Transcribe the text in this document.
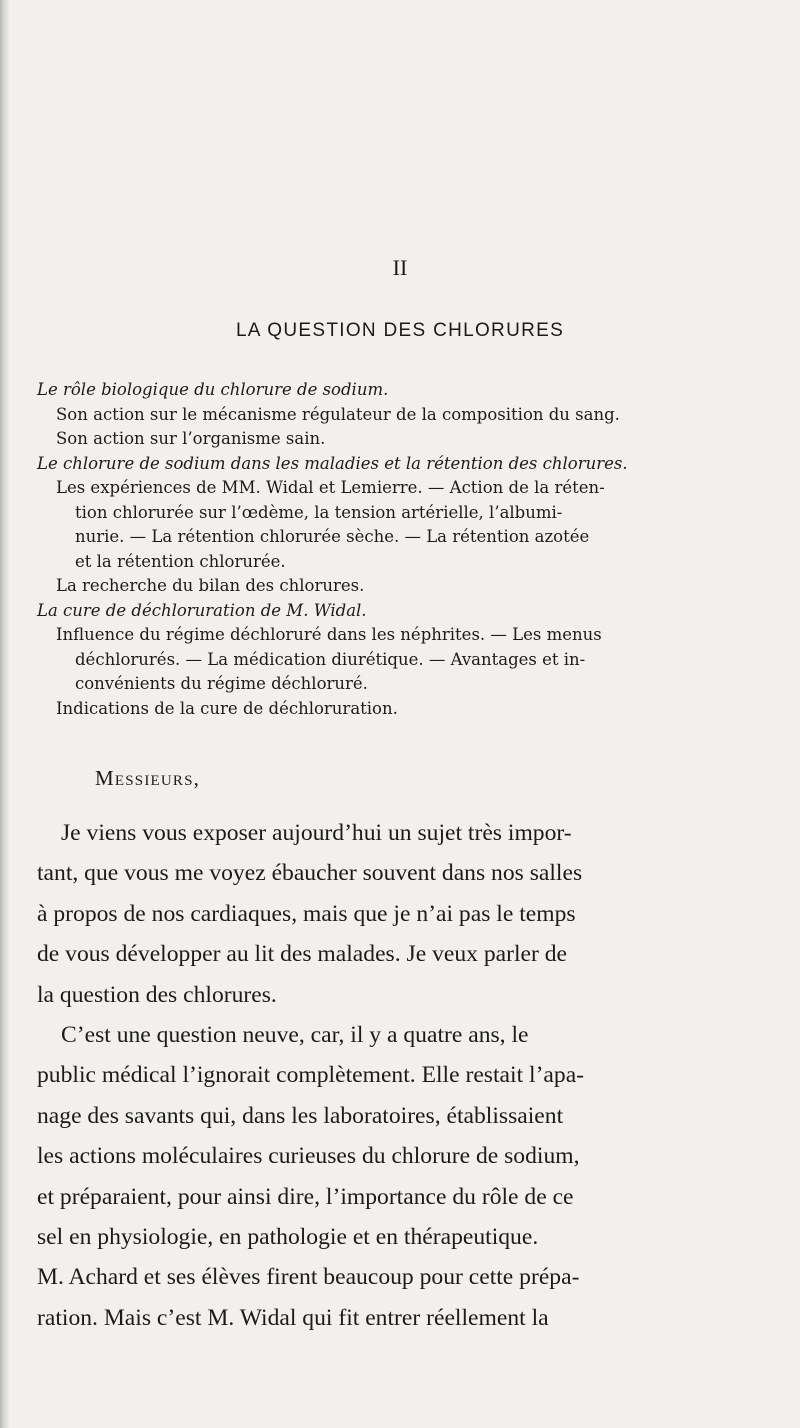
II
LA QUESTION DES CHLORURES
Le rôle biologique du chlorure de sodium.
Son action sur le mécanisme régulateur de la composition du sang.
Son action sur l’organisme sain.
Le chlorure de sodium dans les maladies et la rétention des chlorures.
Les expériences de MM. Widal et Lemierre. — Action de la réten-
tion chlorurée sur l’œdème, la tension artérielle, l’albumi-
nurie. — La rétention chlorurée sèche. — La rétention azotée
et la rétention chlorurée.
La recherche du bilan des chlorures.
La cure de déchloruration de M. Widal.
Influence du régime déchloruré dans les néphrites. — Les menus
déchlorurés. — La médication diurétique. — Avantages et in-
convénients du régime déchloruré.
Indications de la cure de déchloruration.
Messieurs,
Je viens vous exposer aujourd’hui un sujet très impor-
tant, que vous me voyez ébaucher souvent dans nos salles
à propos de nos cardiaques, mais que je n’ai pas le temps
de vous développer au lit des malades. Je veux parler de
la question des chlorures.
C’est une question neuve, car, il y a quatre ans, le
public médical l’ignorait complètement. Elle restait l’apa-
nage des savants qui, dans les laboratoires, établissaient
les actions moléculaires curieuses du chlorure de sodium,
et préparaient, pour ainsi dire, l’importance du rôle de ce
sel en physiologie, en pathologie et en thérapeutique.
M. Achard et ses élèves firent beaucoup pour cette prépa-
ration. Mais c’est M. Widal qui fit entrer réellement la
